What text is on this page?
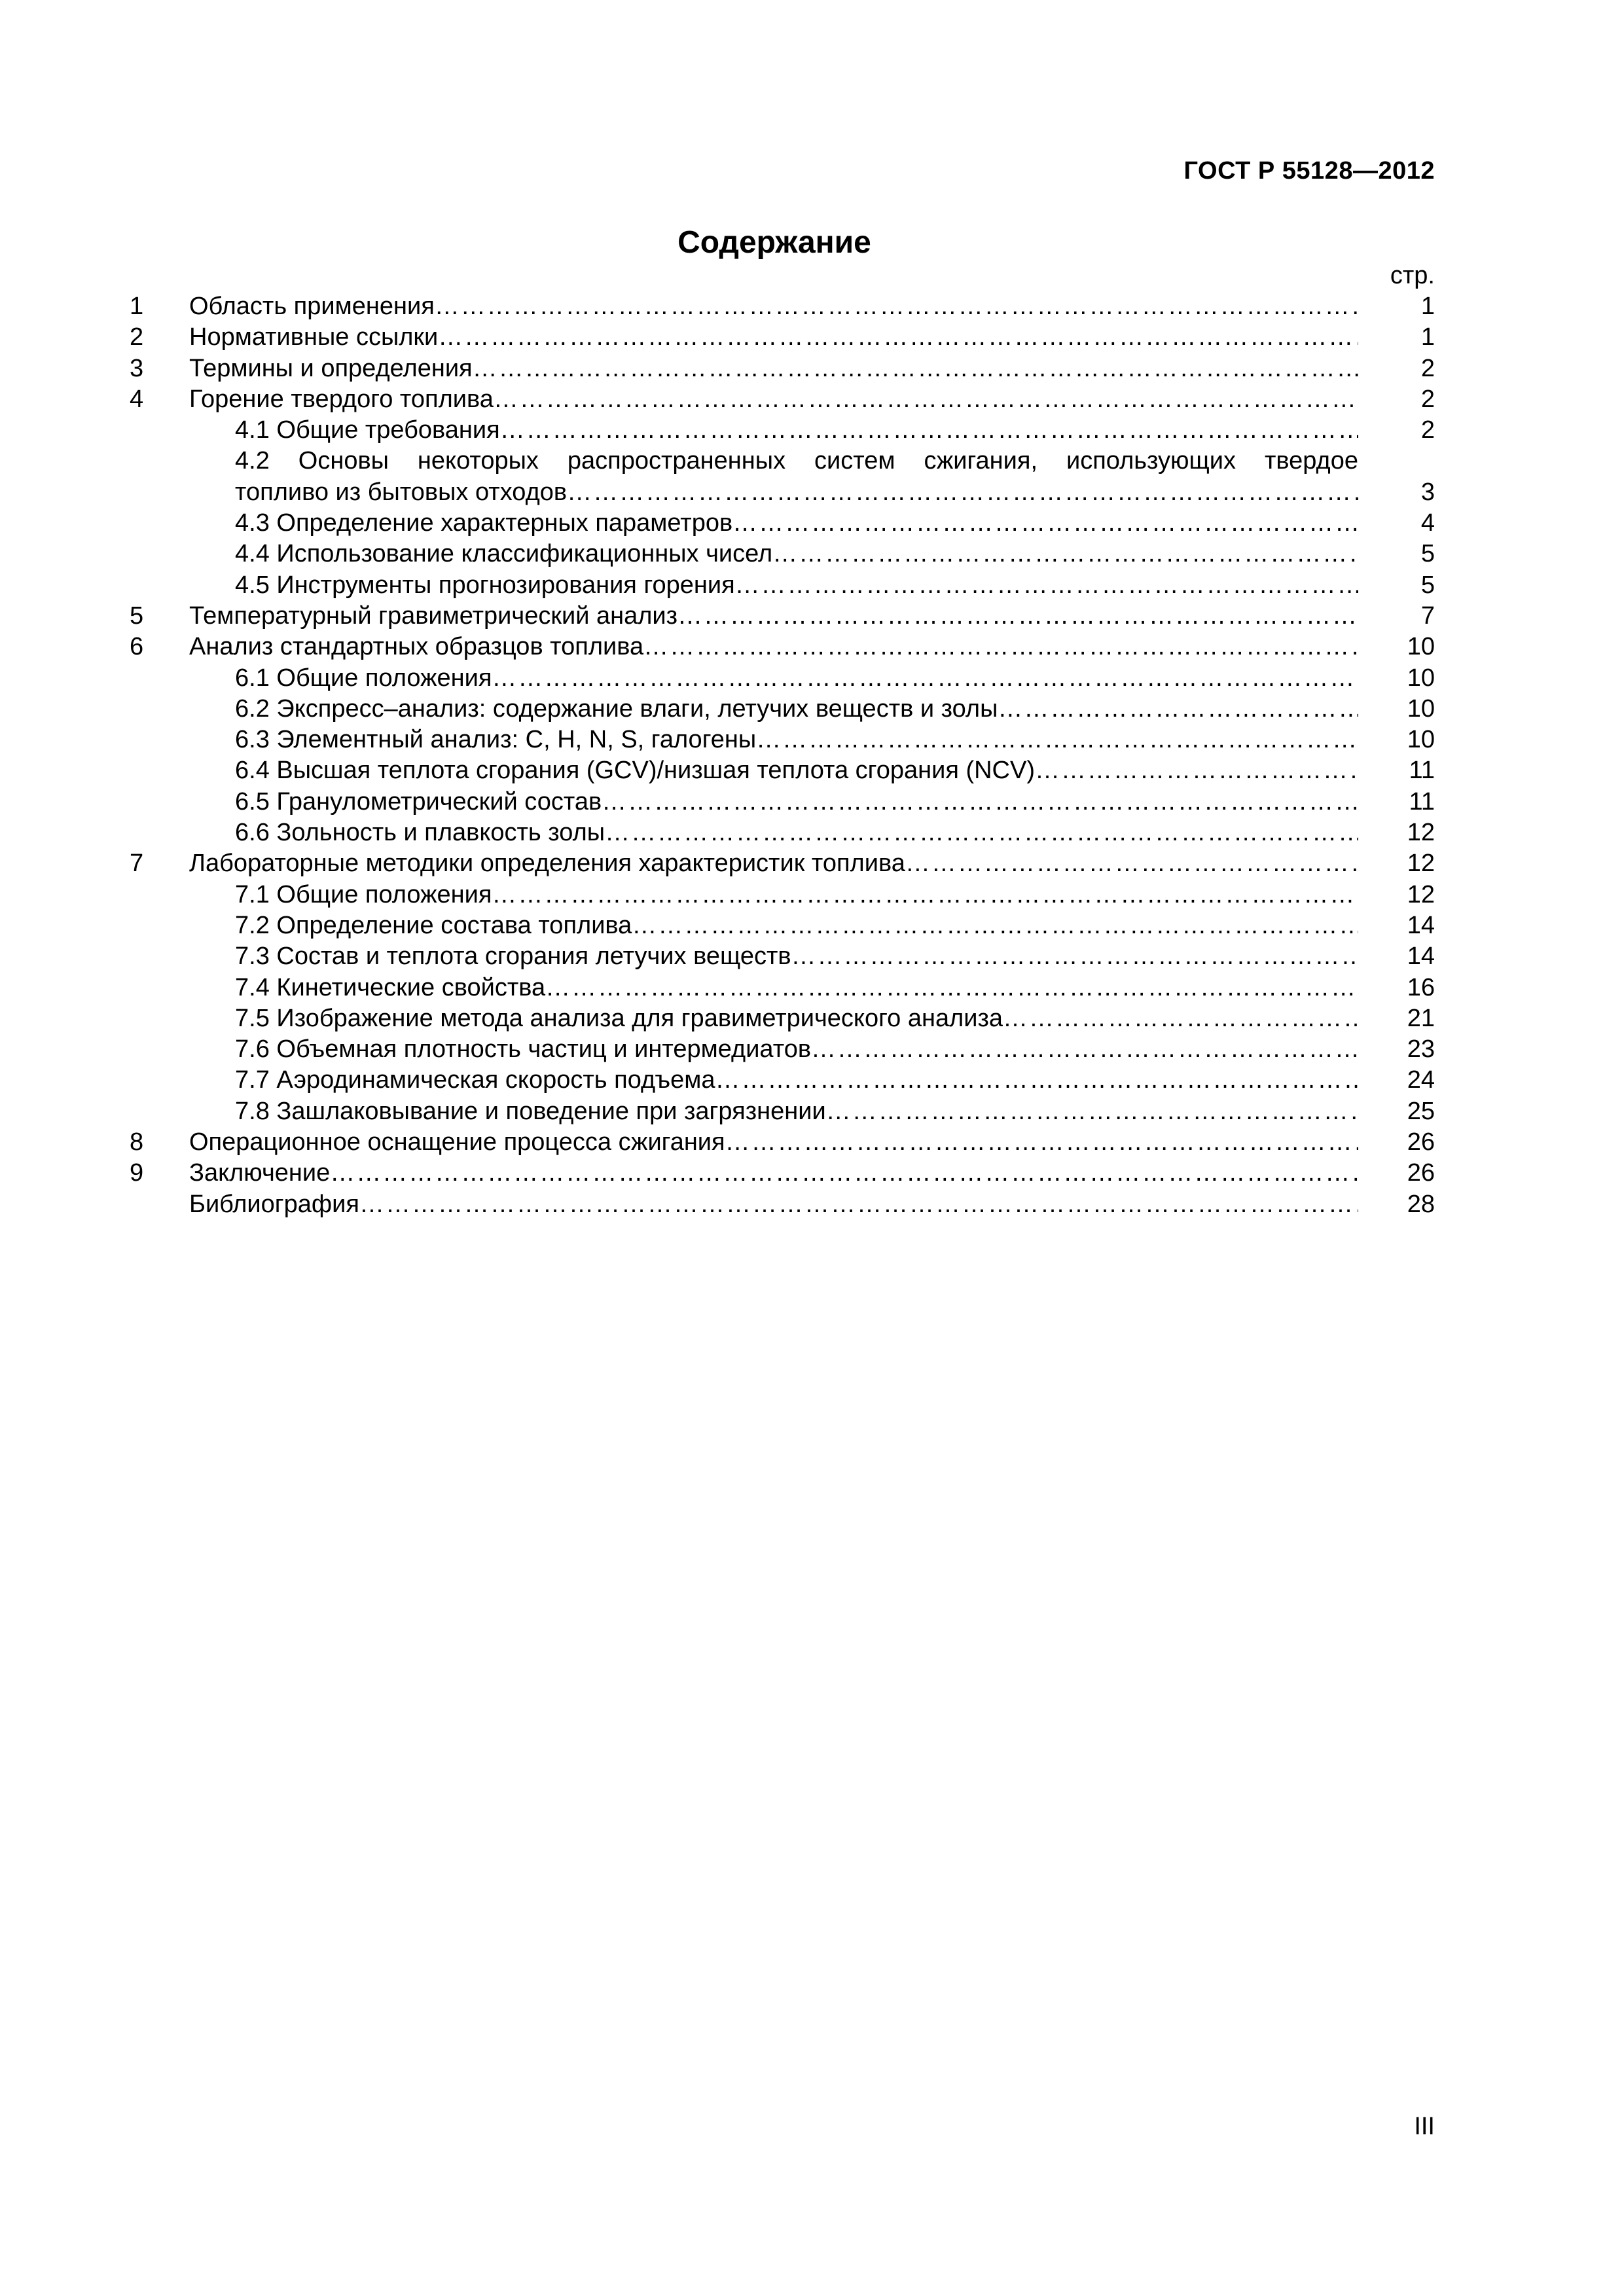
ГОСТ Р 55128—2012
Содержание
стр.
1	Область применения ………………………………………………………………………………………………………………………………………………………………………………………………………………………………………………………………………	1
2	Нормативные ссылки ………………………………………………………………………………………………………………………………………………………………………………………………………………………………………………………………………	1
3	Термины и определения ………………………………………………………………………………………………………………………………………………………………………………………………………………………………………………………………………	2
4	Горение твердого топлива ………………………………………………………………………………………………………………………………………………………………………………………………………………………………………………………………………	2
4.1 Общие требования ………………………………………………………………………………………………………………………………………………………………………………………………………………………………………………………………………	2
4.2 Основы некоторых распространенных систем сжигания, использующих твердое
топливо из бытовых отходов ………………………………………………………………………………………………………………………………………………………………………………………………………………………………………………………………………	3
4.3 Определение характерных параметров ………………………………………………………………………………………………………………………………………………………………………………………………………………………………………………………………………	4
4.4 Использование классификационных чисел ………………………………………………………………………………………………………………………………………………………………………………………………………………………………………………………………………	5
4.5 Инструменты прогнозирования горения ………………………………………………………………………………………………………………………………………………………………………………………………………………………………………………………………………	5
5	Температурный гравиметрический анализ ………………………………………………………………………………………………………………………………………………………………………………………………………………………………………………………………………	7
6	Анализ стандартных образцов топлива ………………………………………………………………………………………………………………………………………………………………………………………………………………………………………………………………………	10
6.1 Общие положения ………………………………………………………………………………………………………………………………………………………………………………………………………………………………………………………………………	10
6.2 Экспресс–анализ: содержание влаги, летучих веществ и золы ………………………………………………………………………………………………………………………………………………………………………………………………………………………………………………………………………	10
6.3 Элементный анализ: C, H, N, S, галогены ………………………………………………………………………………………………………………………………………………………………………………………………………………………………………………………………………	10
6.4 Высшая теплота сгорания (GCV)/низшая теплота сгорания (NCV) ………………………………………………………………………………………………………………………………………………………………………………………………………………………………………………………………………	11
6.5 Гранулометрический состав ………………………………………………………………………………………………………………………………………………………………………………………………………………………………………………………………………	11
6.6 Зольность и плавкость золы ………………………………………………………………………………………………………………………………………………………………………………………………………………………………………………………………………	12
7	Лабораторные методики определения характеристик топлива ………………………………………………………………………………………………………………………………………………………………………………………………………………………………………………………………………	12
7.1 Общие положения ………………………………………………………………………………………………………………………………………………………………………………………………………………………………………………………………………	12
7.2 Определение состава топлива ………………………………………………………………………………………………………………………………………………………………………………………………………………………………………………………………………	14
7.3 Состав и теплота сгорания летучих веществ ………………………………………………………………………………………………………………………………………………………………………………………………………………………………………………………………………	14
7.4 Кинетические свойства ………………………………………………………………………………………………………………………………………………………………………………………………………………………………………………………………………	16
7.5 Изображение метода анализа для гравиметрического анализа ………………………………………………………………………………………………………………………………………………………………………………………………………………………………………………………………………	21
7.6 Объемная плотность частиц и интермедиатов ………………………………………………………………………………………………………………………………………………………………………………………………………………………………………………………………………	23
7.7 Аэродинамическая скорость подъема ………………………………………………………………………………………………………………………………………………………………………………………………………………………………………………………………………	24
7.8 Зашлаковывание и поведение при загрязнении ………………………………………………………………………………………………………………………………………………………………………………………………………………………………………………………………………	25
8	Операционное оснащение процесса сжигания ………………………………………………………………………………………………………………………………………………………………………………………………………………………………………………………………………	26
9	Заключение ………………………………………………………………………………………………………………………………………………………………………………………………………………………………………………………………………	26
Библиография ………………………………………………………………………………………………………………………………………………………………………………………………………………………………………………………………………	28
III
